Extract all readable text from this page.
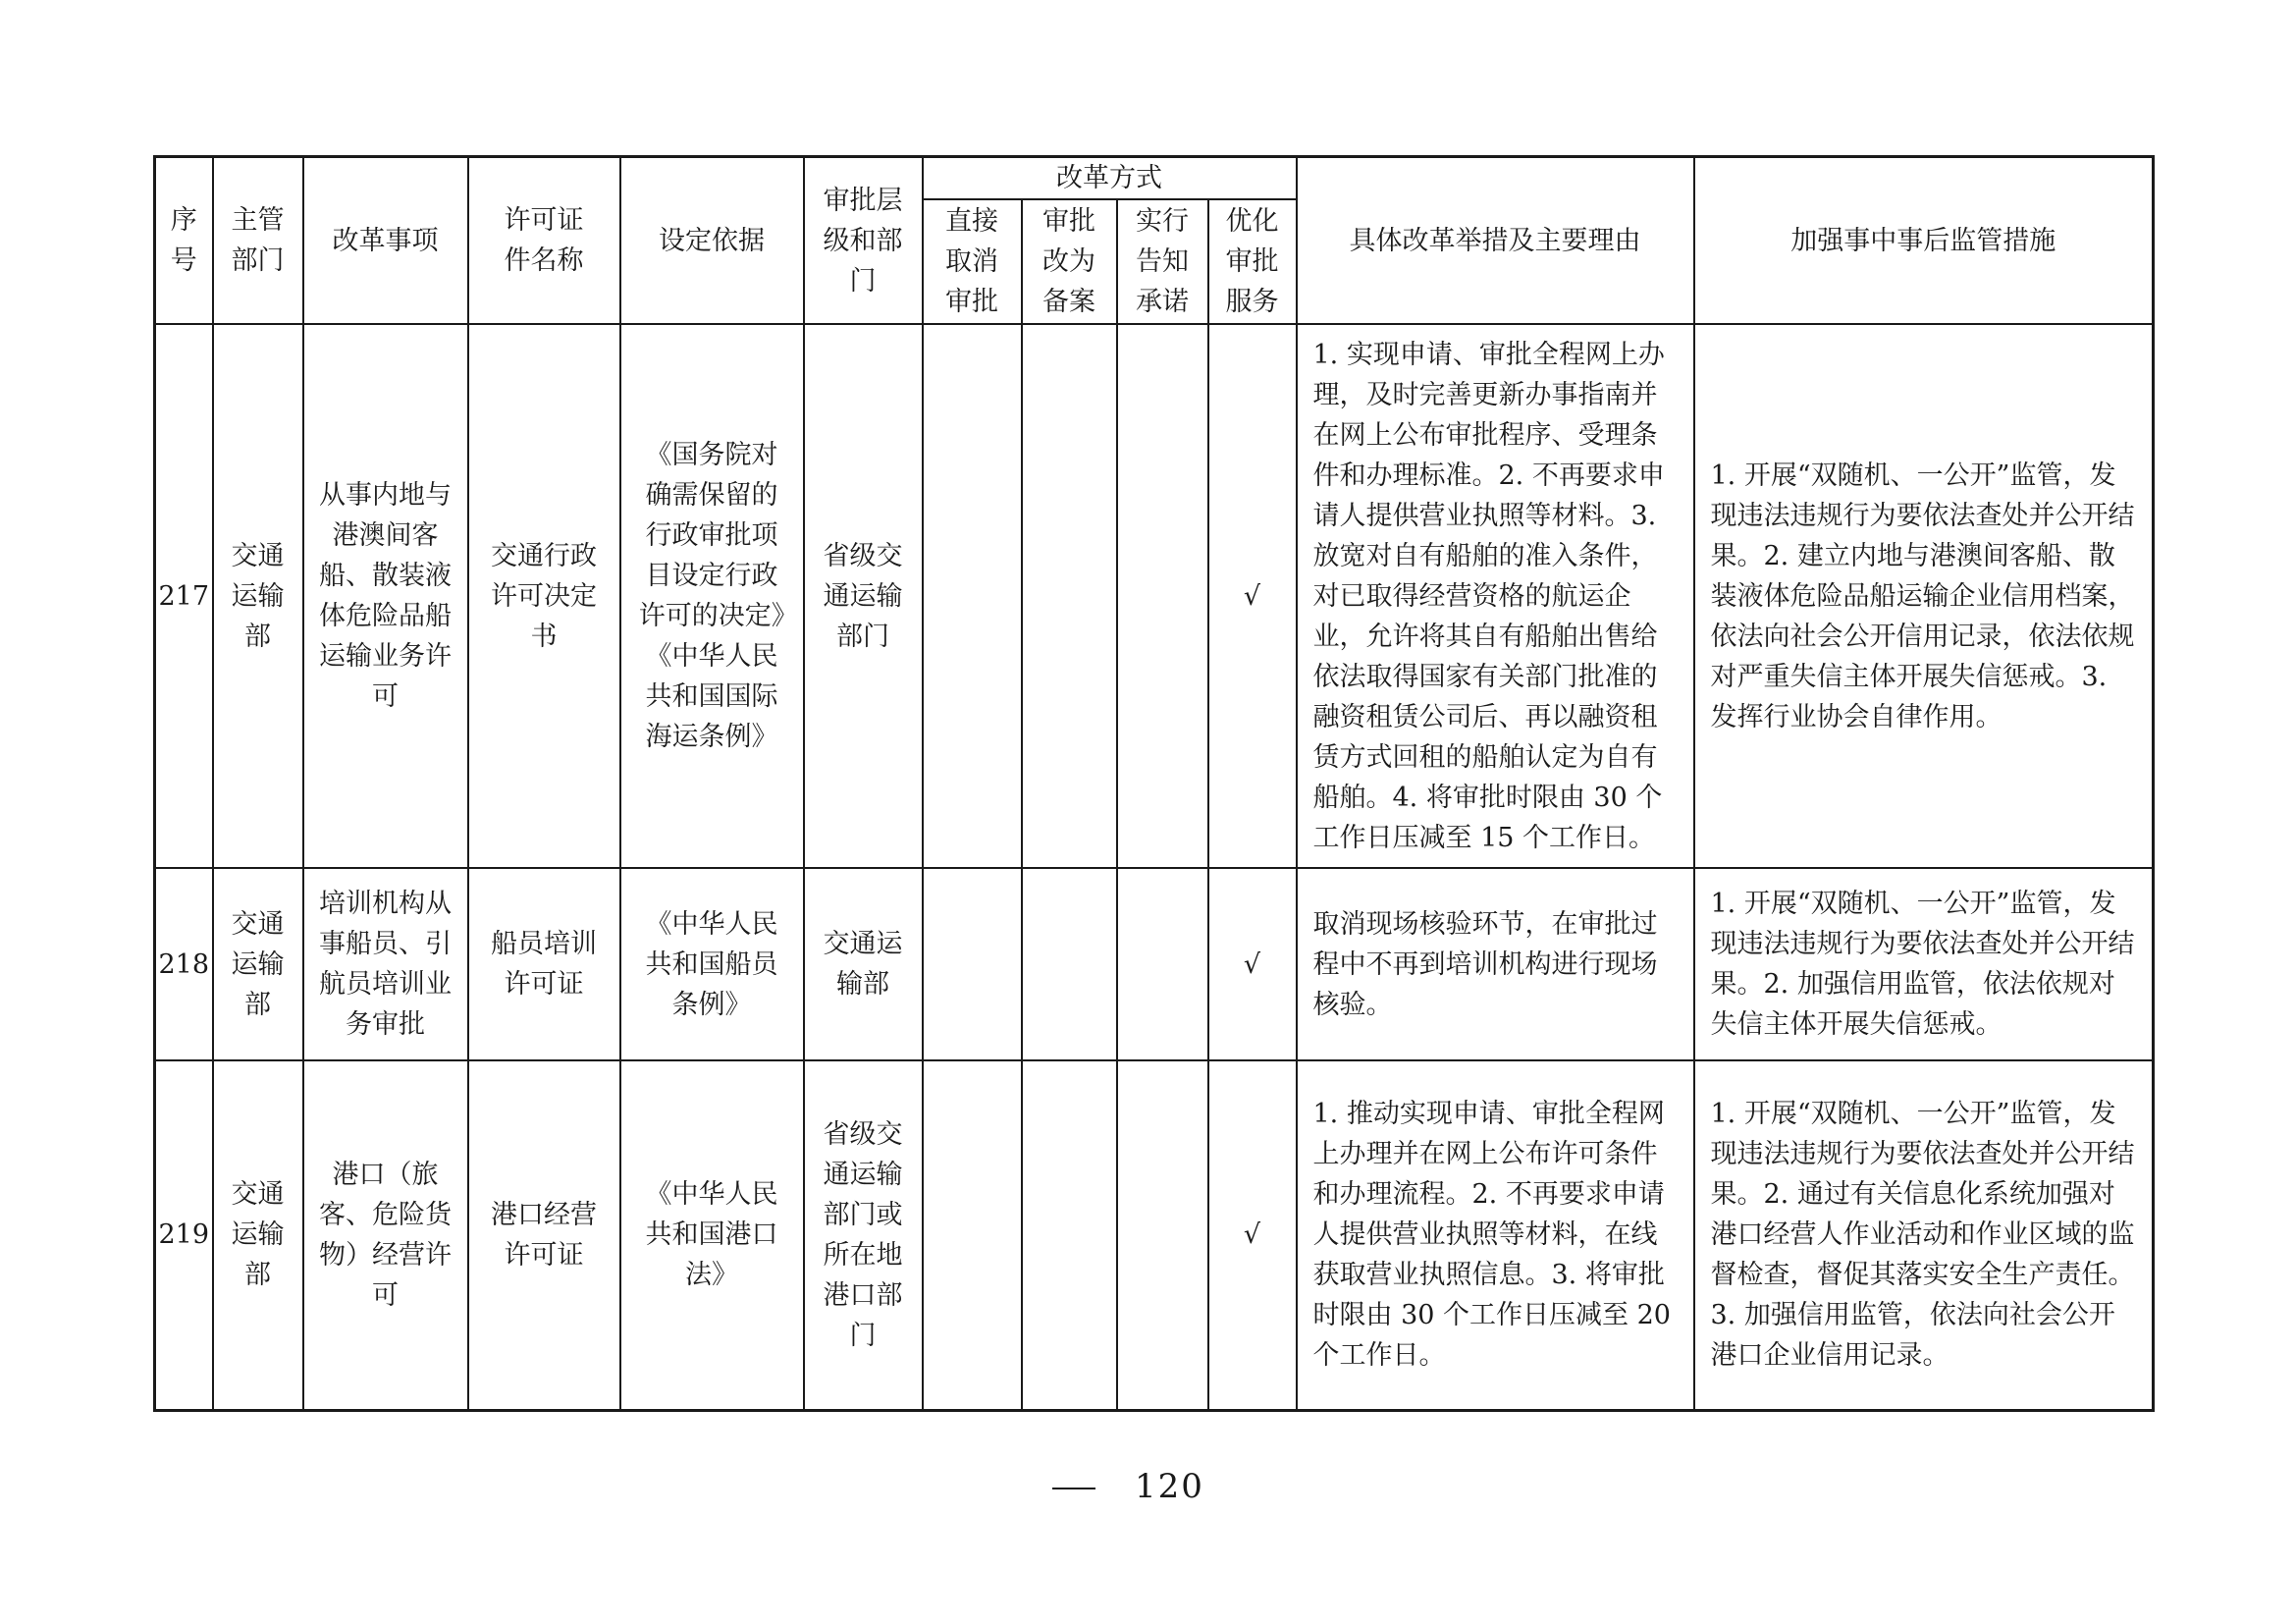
序号	主管部门	改革事项	许可证件名称	设定依据	审批层级和部门	改革方式				具体改革举措及主要理由	加强事中事后监管措施
						直接取消审批	审批改为备案	实行告知承诺	优化审批服务		
217	交通运输部	从事内地与港澳间客船、散装液体危险品船运输业务许可	交通行政许可决定书	《国务院对确需保留的行政审批项目设定行政许可的决定》《中华人民共和国国际海运条例》	省级交通运输部门				√	1. 实现申请、审批全程网上办理，及时完善更新办事指南并在网上公布审批程序、受理条件和办理标准。2. 不再要求申请人提供营业执照等材料。3. 放宽对自有船舶的准入条件，对已取得经营资格的航运企业，允许将其自有船舶出售给依法取得国家有关部门批准的融资租赁公司后、再以融资租赁方式回租的船舶认定为自有船舶。4. 将审批时限由 30 个工作日压减至 15 个工作日。	1. 开展“双随机、一公开”监管，发现违法违规行为要依法查处并公开结果。2. 建立内地与港澳间客船、散装液体危险品船运输企业信用档案，依法向社会公开信用记录，依法依规对严重失信主体开展失信惩戒。3. 发挥行业协会自律作用。
218	交通运输部	培训机构从事船员、引航员培训业务审批	船员培训许可证	《中华人民共和国船员条例》	交通运输部				√	取消现场核验环节，在审批过程中不再到培训机构进行现场核验。	1. 开展“双随机、一公开”监管，发现违法违规行为要依法查处并公开结果。2. 加强信用监管，依法依规对失信主体开展失信惩戒。
219	交通运输部	港口（旅客、危险货物）经营许可	港口经营许可证	《中华人民共和国港口法》	省级交通运输部门或所在地港口部门				√	1. 推动实现申请、审批全程网上办理并在网上公布许可条件和办理流程。2. 不再要求申请人提供营业执照等材料，在线获取营业执照信息。3. 将审批时限由 30 个工作日压减至 20 个工作日。	1. 开展“双随机、一公开”监管，发现违法违规行为要依法查处并公开结果。2. 通过有关信息化系统加强对港口经营人作业活动和作业区域的监督检查，督促其落实安全生产责任。3. 加强信用监管，依法向社会公开港口企业信用记录。
120
